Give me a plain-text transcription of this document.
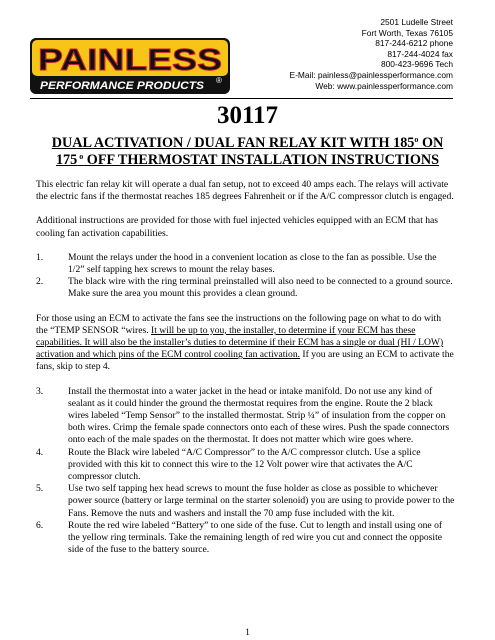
PAINLESS
PERFORMANCE PRODUCTS ®
2501 Ludelle Street
Fort Worth, Texas 76105
817-244-6212 phone
817-244-4024 fax
800-423-9696 Tech
E-Mail: painless@painlessperformance.com
Web: www.painlessperformance.com
30117
DUAL ACTIVATION / DUAL FAN RELAY KIT WITH 185$^o$ ON
175 $^o$ OFF THERMOSTAT INSTALLATION INSTRUCTIONS

This electric fan relay kit will operate a dual fan setup, not to exceed 40 amps each. The relays will activate the electric fans if the thermostat reaches 185 degrees Fahrenheit or if the A/C compressor clutch is engaged.

Additional instructions are provided for those with fuel injected vehicles equipped with an ECM that has cooling fan activation capabilities.

1.	Mount the relays under the hood in a convenient location as close to the fan as possible. Use the 1/2” self tapping hex screws to mount the relay bases.
2.	The black wire with the ring terminal preinstalled will also need to be connected to a ground source. Make sure the area you mount this provides a clean ground.

For those using an ECM to activate the fans see the instructions on the following page on what to do with the “TEMP SENSOR “wires. It will be up to you, the installer, to determine if your ECM has these capabilities. It will also be the installer’s duties to determine if their ECM has a single or dual (HI / LOW) activation and which pins of the ECM control cooling fan activation. If you are using an ECM to activate the fans, skip to step 4.

3.	Install the thermostat into a water jacket in the head or intake manifold. Do not use any kind of sealant as it could hinder the ground the thermostat requires from the engine. Route the 2 black wires labeled “Temp Sensor” to the installed thermostat. Strip ¼” of insulation from the copper on both wires. Crimp the female spade connectors onto each of these wires. Push the spade connectors onto each of the male spades on the thermostat. It does not matter which wire goes where.
4.	Route the Black wire labeled “A/C Compressor” to the A/C compressor clutch. Use a splice provided with this kit to connect this wire to the 12 Volt power wire that activates the A/C compressor clutch.
5.	Use two self tapping hex head screws to mount the fuse holder as close as possible to whichever power source (battery or large terminal on the starter solenoid) you are using to provide power to the Fans. Remove the nuts and washers and install the 70 amp fuse included with the kit.
6.	Route the red wire labeled “Battery” to one side of the fuse. Cut to length and install using one of the yellow ring terminals. Take the remaining length of red wire you cut and connect the opposite side of the fuse to the battery source.
1
